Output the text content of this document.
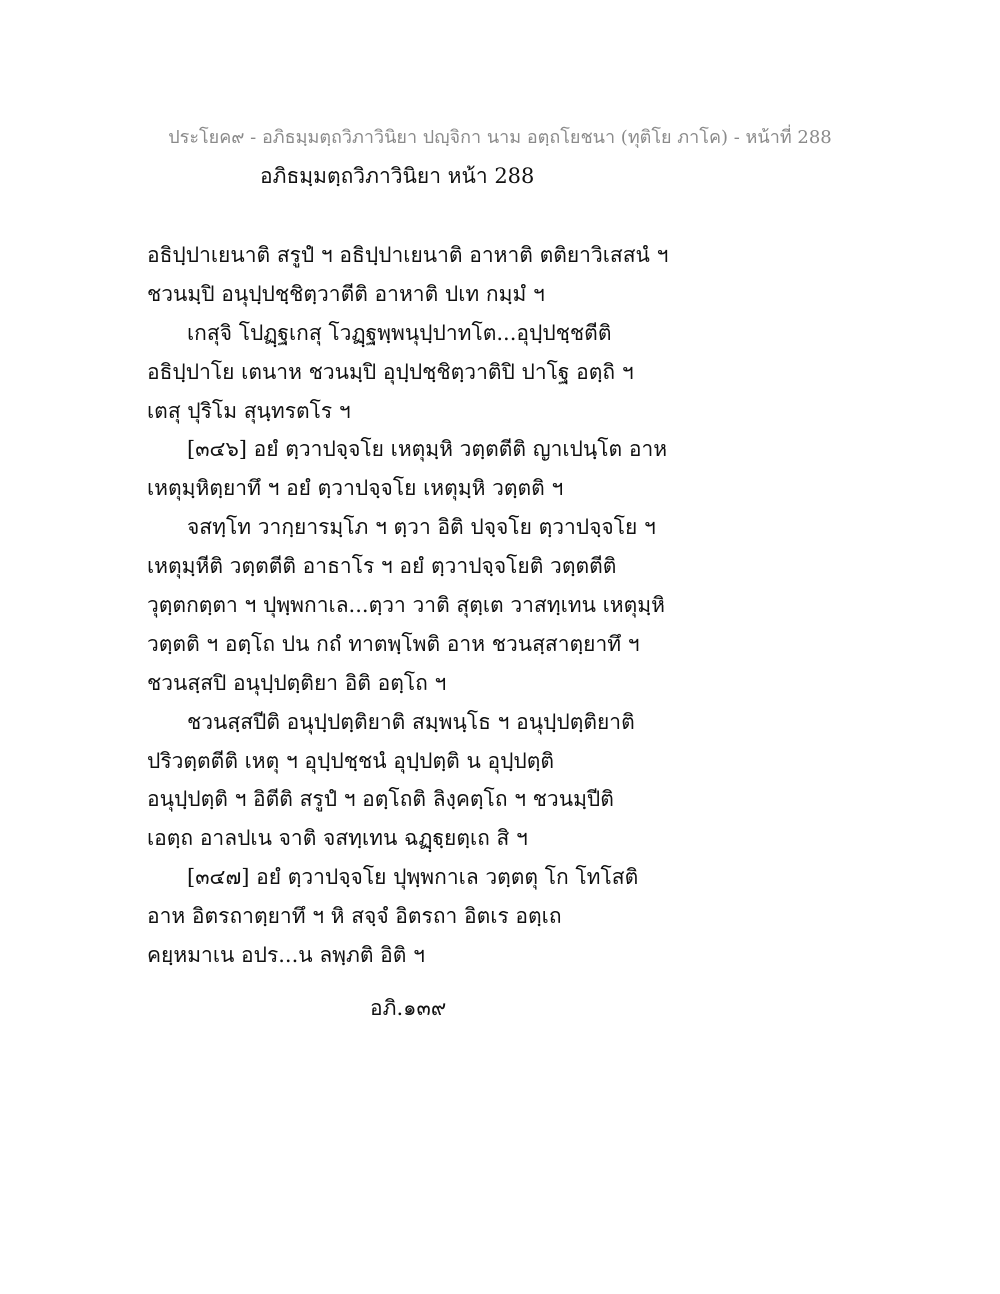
ประโยค๙ - อภิธมฺมตฺถวิภาวินิยา ปญฺจิกา นาม อตฺถโยชนา (ทุติโย ภาโค) - หน้าที่ 288
อภิธมฺมตฺถวิภาวินิยา หน้า 288
อธิปฺปาเยนาติ สรูปํ ฯ อธิปฺปาเยนาติ อาหาติ ตติยาวิเสสนํ ฯ
ชวนมฺปิ อนุปฺปชฺชิตฺวาตีติ อาหาติ ปเท กมฺมํ ฯ
เกสุจิ โปฏฺฐเกสุ โวฏฺฐพฺพนุปฺปาทโต...อุปฺปชฺชตีติ
อธิปฺปาโย เตนาห ชวนมฺปิ อุปฺปชฺชิตฺวาติปิ ปาโฐ อตฺถิ ฯ
เตสุ ปุริโม สุนฺทรตโร ฯ
[๓๔๖] อยํ ตฺวาปจฺจโย เหตุมฺหิ วตฺตตีติ ญาเปนฺโต อาห
เหตุมฺหิตฺยาทึ ฯ อยํ ตฺวาปจฺจโย เหตุมฺหิ วตฺตติ ฯ
จสทฺโท วากฺยารมฺโภ ฯ ตฺวา อิติ ปจฺจโย ตฺวาปจฺจโย ฯ
เหตุมฺหีติ วตฺตตีติ อาธาโร ฯ อยํ ตฺวาปจฺจโยติ วตฺตตีติ
วุตฺตกตฺตา ฯ ปุพฺพกาเล...ตฺวา วาติ สุตฺเต วาสทฺเทน เหตุมฺหิ
วตฺตติ ฯ อตฺโถ ปน กถํ ทาตพฺโพติ อาห ชวนสฺสาตฺยาทึ ฯ
ชวนสฺสปิ อนุปฺปตฺติยา อิติ อตฺโถ ฯ
ชวนสฺสปีติ อนุปฺปตฺติยาติ สมฺพนฺโธ ฯ อนุปฺปตฺติยาติ
ปริวตฺตตีติ เหตุ ฯ อุปฺปชฺชนํ อุปฺปตฺติ น อุปฺปตฺติ
อนุปฺปตฺติ ฯ อิตีติ สรูปํ ฯ อตฺโถติ ลิงฺคตฺโถ ฯ ชวนมฺปีติ
เอตฺถ อาลปเน จาติ จสทฺเทน ฉฏฺฐฺยตฺเถ สิ ฯ
[๓๔๗] อยํ ตฺวาปจฺจโย ปุพฺพกาเล วตฺตตุ โก โทโสติ
อาห อิตรถาตฺยาทึ ฯ หิ สจฺจํ อิตรถา อิตเร อตฺเถ
คยฺหมาเน อปร...น ลพฺภติ อิติ ฯ
อภิ.๑๓๙
